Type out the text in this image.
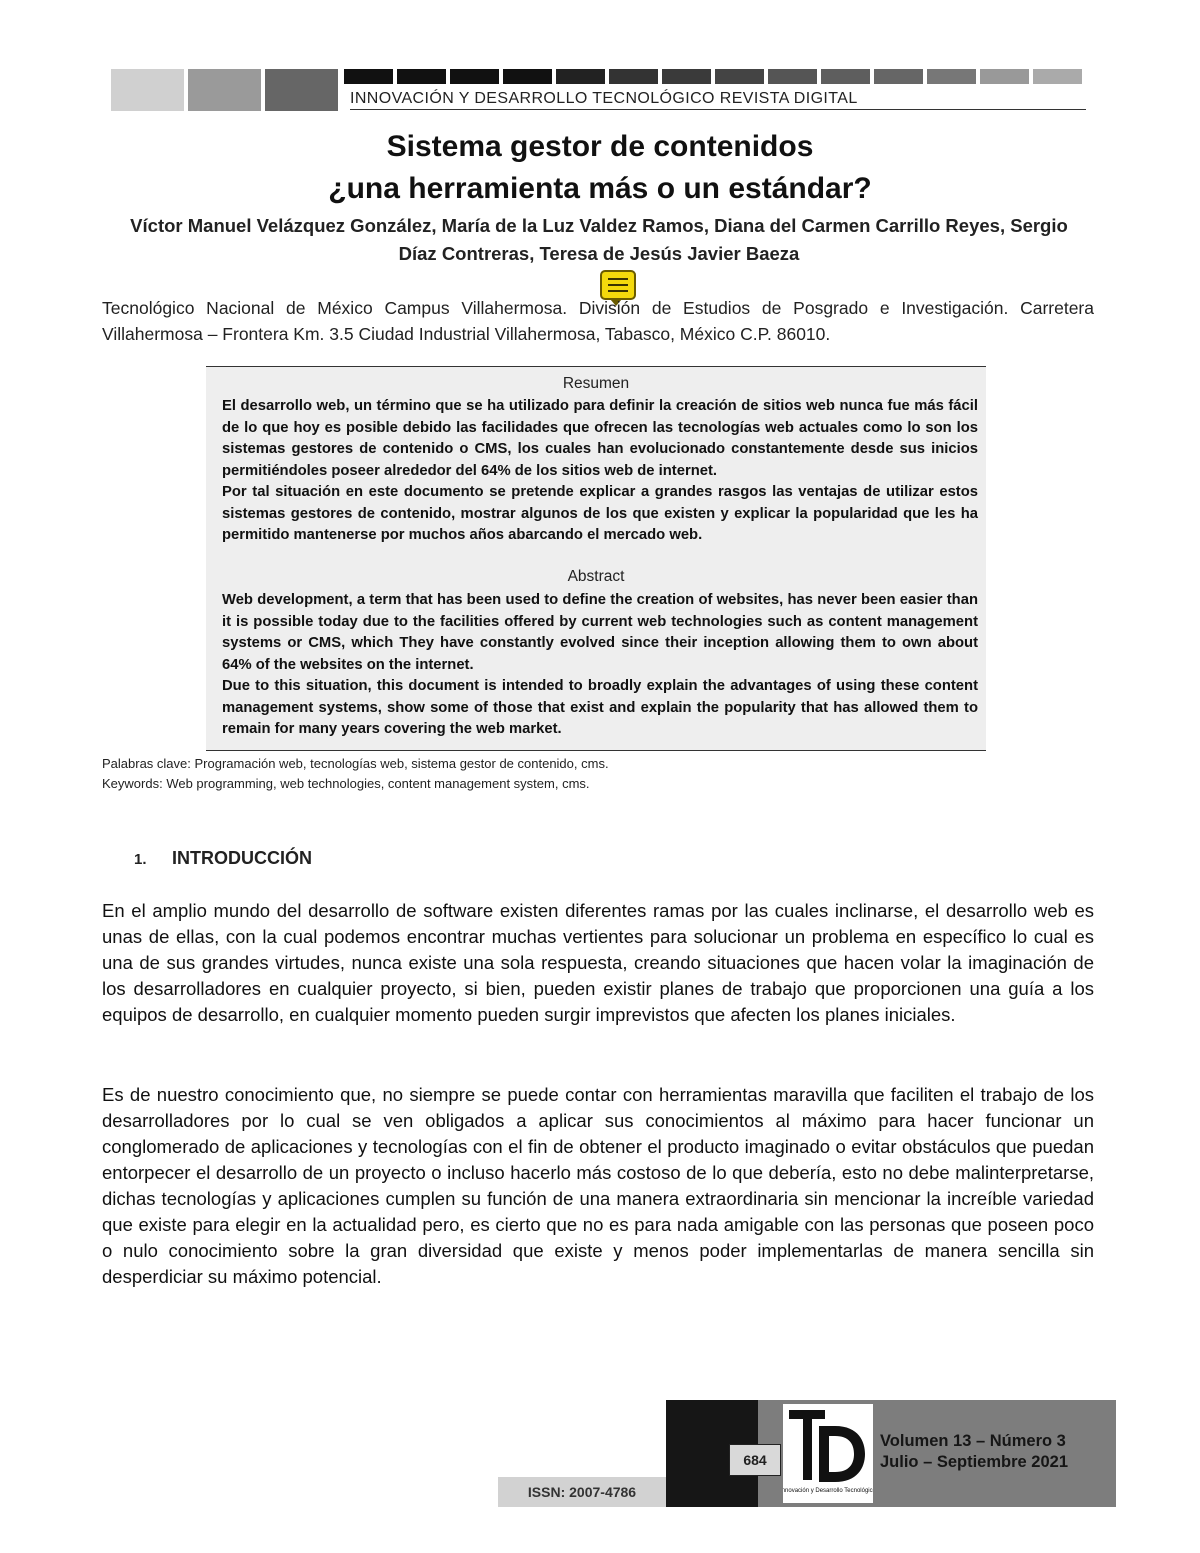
INNOVACIÓN Y DESARROLLO TECNOLÓGICO REVISTA DIGITAL
Sistema gestor de contenidos
¿una herramienta más o un estándar?
Víctor Manuel Velázquez González, María de la Luz Valdez Ramos, Diana del Carmen Carrillo Reyes, Sergio
Díaz Contreras, Teresa de Jesús Javier Baeza
Tecnológico Nacional de México Campus Villahermosa. División de Estudios de Posgrado e Investigación. Carretera Villahermosa – Frontera Km. 3.5 Ciudad Industrial Villahermosa, Tabasco, México C.P. 86010.
Resumen

El desarrollo web, un término que se ha utilizado para definir la creación de sitios web nunca fue más fácil de lo que hoy es posible debido las facilidades que ofrecen las tecnologías web actuales como lo son los sistemas gestores de contenido o CMS, los cuales han evolucionado constantemente desde sus inicios permitiéndoles poseer alrededor del 64% de los sitios web de internet.

Por tal situación en este documento se pretende explicar a grandes rasgos las ventajas de utilizar estos sistemas gestores de contenido, mostrar algunos de los que existen y explicar la popularidad que les ha permitido mantenerse por muchos años abarcando el mercado web.

Abstract

Web development, a term that has been used to define the creation of websites, has never been easier than it is possible today due to the facilities offered by current web technologies such as content management systems or CMS, which They have constantly evolved since their inception allowing them to own about 64% of the websites on the internet.

Due to this situation, this document is intended to broadly explain the advantages of using these content management systems, show some of those that exist and explain the popularity that has allowed them to remain for many years covering the web market.

Palabras clave: Programación web, tecnologías web, sistema gestor de contenido, cms.
Keywords: Web programming, web technologies, content management system, cms.
1. INTRODUCCIÓN
En el amplio mundo del desarrollo de software existen diferentes ramas por las cuales inclinarse, el desarrollo web es unas de ellas, con la cual podemos encontrar muchas vertientes para solucionar un problema en específico lo cual es una de sus grandes virtudes, nunca existe una sola respuesta, creando situaciones que hacen volar la imaginación de los desarrolladores en cualquier proyecto, si bien, pueden existir planes de trabajo que proporcionen una guía a los equipos de desarrollo, en cualquier momento pueden surgir imprevistos que afecten los planes iniciales.
Es de nuestro conocimiento que, no siempre se puede contar con herramientas maravilla que faciliten el trabajo de los desarrolladores por lo cual se ven obligados a aplicar sus conocimientos al máximo para hacer funcionar un conglomerado de aplicaciones y tecnologías con el fin de obtener el producto imaginado o evitar obstáculos que puedan entorpecer el desarrollo de un proyecto o incluso hacerlo más costoso de lo que debería, esto no debe malinterpretarse, dichas tecnologías y aplicaciones cumplen su función de una manera extraordinaria sin mencionar la increíble variedad que existe para elegir en la actualidad pero, es cierto que no es para nada amigable con las personas que poseen poco o nulo conocimiento sobre la gran diversidad que existe y menos poder implementarlas de manera sencilla sin desperdiciar su máximo potencial.
ISSN: 2007-4786	Innovación y Desarrollo Tecnológico
684
Volumen 13 – Número 3
Julio – Septiembre 2021
